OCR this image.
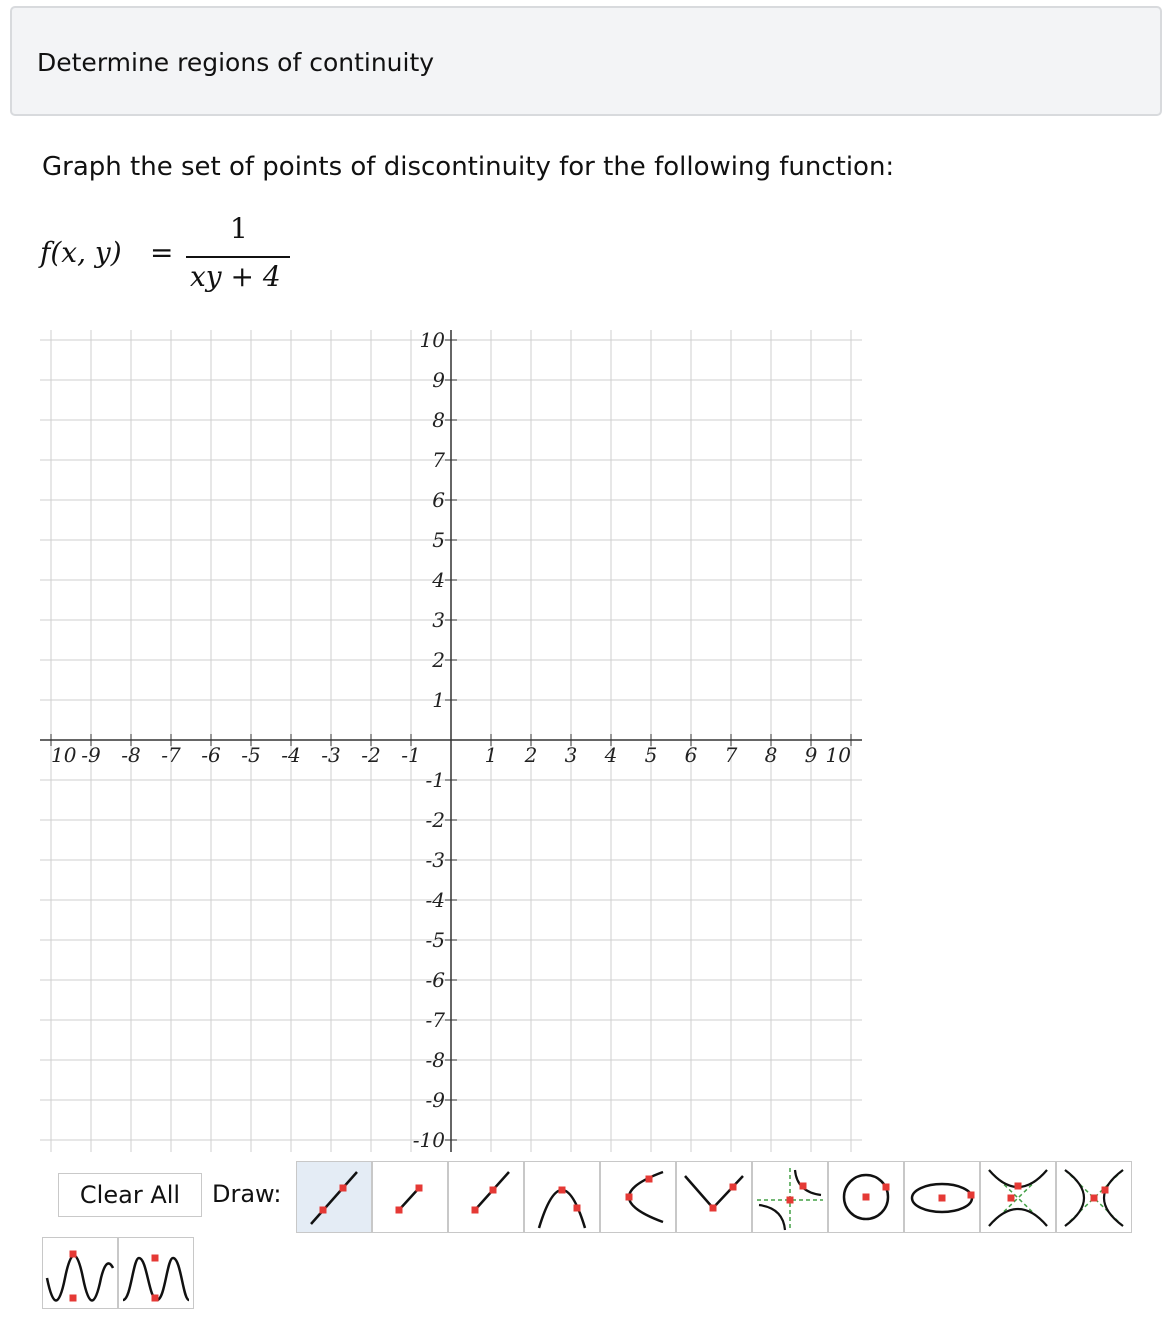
Determine regions of continuity
Graph the set of points of discontinuity for the following function:
f(x, y) =
1
xy + 4
10 -9 -8 -7 -6 -5 -4 -3 -2 -1	1 2 3 4 5 6 7 8 9 10
10
9
8
7
6
5
4
3
2
1
-1
-2
-3
-4
-5
-6
-7
-8
-9
-10
Clear All	Draw:
